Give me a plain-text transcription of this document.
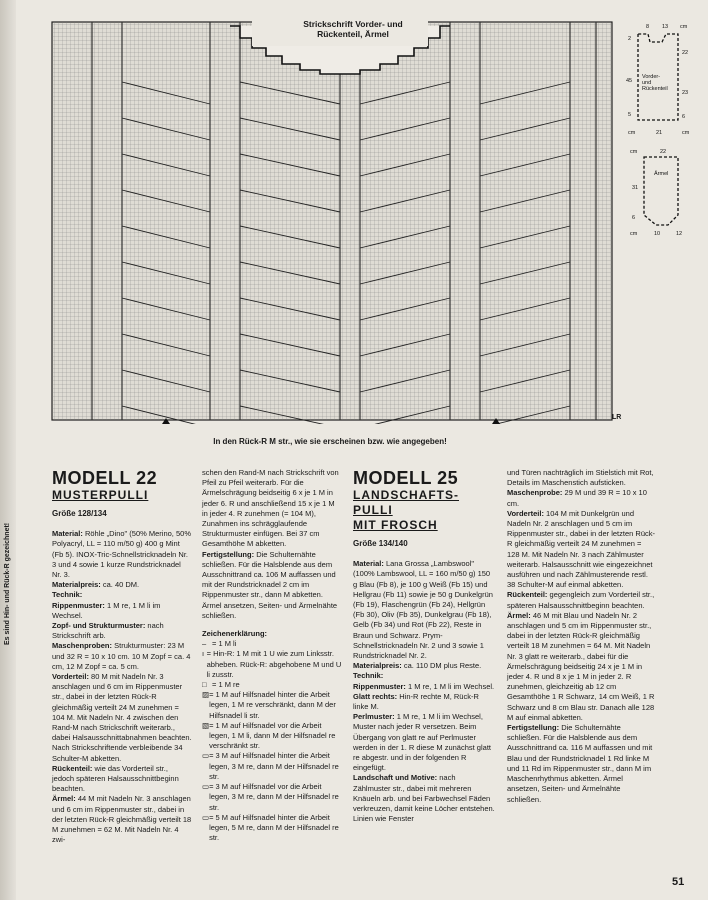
Strickschrift Vorder- und
Rückenteil, Ärmel
LR
In den Rück-R M str., wie sie erscheinen bzw. wie angegeben!
8 13 cm
2
45
5
22
23
6
Vorder-
und
Rückenteil
cm	21	cm
cm	22
31
6
Ärmel
cm	10	12
MODELL 22
MUSTERPULLI
Größe 128/134

Material: Röhle „Dino" (50% Merino, 50% Polyacryl, LL = 110 m/50 g) 400 g Mint (Fb 5). INOX-Tric-Schnellstricknadeln Nr. 3 und 4 sowie 1 kurze Rundstricknadel Nr. 3.

Materialpreis: ca. 40 DM.

Technik:

Rippenmuster: 1 M re, 1 M li im Wechsel.

Zopf- und Strukturmuster: nach Strickschrift arb.

Maschenproben: Strukturmuster: 23 M und 32 R = 10 x 10 cm. 10 M Zopf = ca. 4 cm, 12 M Zopf = ca. 5 cm.

Vorderteil: 80 M mit Nadeln Nr. 3 anschlagen und 6 cm im Rippenmuster str., dabei in der letzten Rück-R gleichmäßig verteilt 24 M zunehmen = 104 M. Mit Nadeln Nr. 4 zwischen den Rand-M nach Strickschrift weiterarb., dabei Halsausschnittabnahmen beachten. Nach Strickschriftende verbleibende 34 Schulter-M abketten.

Rückenteil: wie das Vorderteil str., jedoch späteren Halsausschnittbeginn beachten.

Ärmel: 44 M mit Nadeln Nr. 3 anschlagen und 6 cm im Rippenmuster str., dabei in der letzten Rück-R gleichmäßig verteilt 18 M zunehmen = 62 M. Mit Nadeln Nr. 4 zwi-

schen den Rand-M nach Strickschrift von Pfeil zu Pfeil weiterarb. Für die Ärmelschrägung beidseitig 6 x je 1 M in jeder 6. R und anschließend 15 x je 1 M in jeder 4. R zunehmen (= 104 M), Zunahmen ins schrägglaufende Strukturmuster einfügen. Bei 37 cm Gesamthöhe M abketten.

Fertigstellung: Die Schulternähte schließen. Für die Halsblende aus dem Ausschnittrand ca. 106 M auffassen und mit der Rundstricknadel 2 cm im Rippenmuster str., dann M abketten. Ärmel ansetzen, Seiten- und Ärmelnähte schließen.

Zeichenerklärung:

– = 1 M li
ı = Hin-R: 1 M mit 1 U wie zum Linksstr. abheben. Rück-R: abgehobene M und U li zusstr.
□ = 1 M re
▨ = 1 M auf Hilfsnadel hinter die Arbeit legen, 1 M re verschränkt, dann M der Hilfsnadel li str.
▧ = 1 M auf Hilfsnadel vor die Arbeit legen, 1 M li, dann M der Hilfsnadel re verschränkt str.
▭ = 3 M auf Hilfsnadel hinter die Arbeit legen, 3 M re, dann M der Hilfsnadel re str.
▭ = 3 M auf Hilfsnadel vor die Arbeit legen, 3 M re, dann M der Hilfsnadel re str.
▭ = 5 M auf Hilfsnadel hinter die Arbeit legen, 5 M re, dann M der Hilfsnadel re str.
MODELL 25
LANDSCHAFTS-
PULLI
MIT FROSCH
Größe 134/140

Material: Lana Grossa „Lambswool" (100% Lambswool, LL = 160 m/50 g) 150 g Blau (Fb 8), je 100 g Weiß (Fb 15) und Hellgrau (Fb 11) sowie je 50 g Dunkelgrün (Fb 19), Flaschengrün (Fb 24), Hellgrün (Fb 30), Oliv (Fb 35), Dunkelgrau (Fb 18), Gelb (Fb 34) und Rot (Fb 22), Reste in Braun und Schwarz. Prym-Schnellstricknadeln Nr. 2 und 3 sowie 1 Rundstricknadel Nr. 2.

Materialpreis: ca. 110 DM plus Reste.

Technik:

Rippenmuster: 1 M re, 1 M li im Wechsel.

Glatt rechts: Hin-R rechte M, Rück-R linke M.

Perlmuster: 1 M re, 1 M li im Wechsel, Muster nach jeder R versetzen. Beim Übergang von glatt re auf Perlmuster werden in der 1. R diese M zunächst glatt re abgestr. und in der folgenden R eingefügt.

Landschaft und Motive: nach Zählmuster str., dabei mit mehreren Knäueln arb. und bei Farbwechsel Fäden verkreuzen, damit keine Löcher entstehen. Linien wie Fenster

und Türen nachträglich im Stielstich mit Rot, Details im Maschenstich aufsticken.

Maschenprobe: 29 M und 39 R = 10 x 10 cm.

Vorderteil: 104 M mit Dunkelgrün und Nadeln Nr. 2 anschlagen und 5 cm im Rippenmuster str., dabei in der letzten Rück-R gleichmäßig verteilt 24 M zunehmen = 128 M. Mit Nadeln Nr. 3 nach Zählmuster weiterarb. Halsausschnitt wie eingezeichnet ausführen und nach Zählmusterende restl. 38 Schulter-M auf einmal abketten.

Rückenteil: gegengleich zum Vorderteil str., späteren Halsausschnittbeginn beachten.

Ärmel: 46 M mit Blau und Nadeln Nr. 2 anschlagen und 5 cm im Rippenmuster str., dabei in der letzten Rück-R gleichmäßig verteilt 18 M zunehmen = 64 M. Mit Nadeln Nr. 3 glatt re weiterarb., dabei für die Ärmelschrägung beidseitig 24 x je 1 M in jeder 4. R und 8 x je 1 M in jeder 2. R zunehmen, gleichzeitig ab 12 cm Gesamthöhe 1 R Schwarz, 14 cm Weiß, 1 R Schwarz und 8 cm Blau str. Danach alle 128 M auf einmal abketten.

Fertigstellung: Die Schulternähte schließen. Für die Halsblende aus dem Ausschnittrand ca. 116 M auffassen und mit Blau und der Rundstricknadel 1 Rd linke M und 11 Rd im Rippenmuster str., dann M im Maschenrhythmus abketten. Ärmel ansetzen, Seiten- und Ärmelnähte schließen.

51
